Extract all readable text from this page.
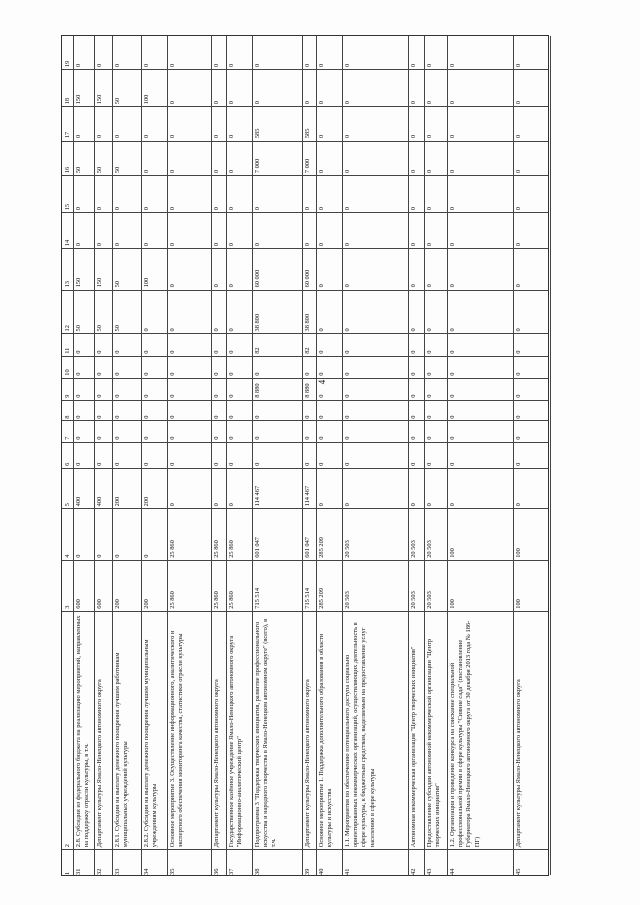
4
1
2
3
4
5
6
7
8
9
10
11
12
13
14
15
16
17
18
19
31
2.8. Субсидии из федерального бюджета на реализацию мероприятий, направленных на поддержку отрасли культуры, в т.ч.
600
0
400
0
0
0
0
0
0
50
150
0
0
50
0
150
0
32
Департамент культуры Ямало-Ненецкого автономного округа
600
0
400
0
0
0
0
0
0
50
150
0
0
50
0
150
0
33
2.8.1. Субсидии на выплату денежного поощрения лучшим работникам муниципальных учреждений культуры
200
0
200
0
0
0
0
0
0
50
50
0
0
50
0
50
0
34
2.8.2. Субсидии на выплату денежного поощрения лучшим муниципальным учреждениям культуры
200
0
200
0
0
0
0
0
0
0
100
0
0
0
0
100
0
35
Основное мероприятие 3. Осуществление информационного, аналитического и экспертного обеспечения мониторинга качества, статистики отрасли культуры
25 860
25 860
0
0
0
0
0
0
0
0
0
0
0
0
0
0
0
36
Департамент культуры Ямало-Ненецкого автономного округа
25 860
25 860
0
0
0
0
0
0
0
0
0
0
0
0
0
0
0
37
Государственное казённое учреждение Ямало-Ненецкого автономного округа "Информационно-аналитический центр"
25 860
25 860
0
0
0
0
0
0
0
0
0
0
0
0
0
0
0
38
Подпрограмма 3 "Поддержка творческих инициатив, развитие профессионального искусства и народного творчества в Ямало-Ненецком автономном округе" (всего), в т.ч.
715 514
601 047
114 467
0
0
0
8 880
0
82
38 800
60 000
0
0
7 000
585
0
0
39
Департамент культуры Ямало-Ненецкого автономного округа
715 514
601 047
114 467
0
0
0
8 880
0
82
38 800
60 000
0
0
7 000
585
0
0
40
Основное мероприятие 1. Поддержка дополнительного образования в области культуры и искусства
285 209
285 209
0
0
0
0
0
0
0
0
0
0
0
0
0
0
0
41
1.1. Мероприятия по обеспечению потенциального доступа социально ориентированных некоммерческих организаций, осуществляющих деятельность в сфере культуры, к бюджетным средствам, выделяемым на предоставление услуг населению в сфере культуры
20 503
20 503
0
0
0
0
0
0
0
0
0
0
0
0
0
0
0
42
Автономная некоммерческая организация "Центр творческих инициатив"
20 503
20 503
0
0
0
0
0
0
0
0
0
0
0
0
0
0
0
43
Предоставление субсидии автономной некоммерческой организации "Центр творческих инициатив"
20 503
20 503
0
0
0
0
0
0
0
0
0
0
0
0
0
0
0
44
1.2. Организация и проведение конкурса на соискание специальной профессиональной премии в сфере культуры "Сияние сада" (постановление Губернатора Ямало-Ненецкого автономного округа от 30 декабря 2013 года № 186-ПГ)
100
100
0
0
0
0
0
0
0
0
0
0
0
0
0
0
0
45
Департамент культуры Ямало-Ненецкого автономного округа
100
100
0
0
0
0
0
0
0
0
0
0
0
0
0
0
0
